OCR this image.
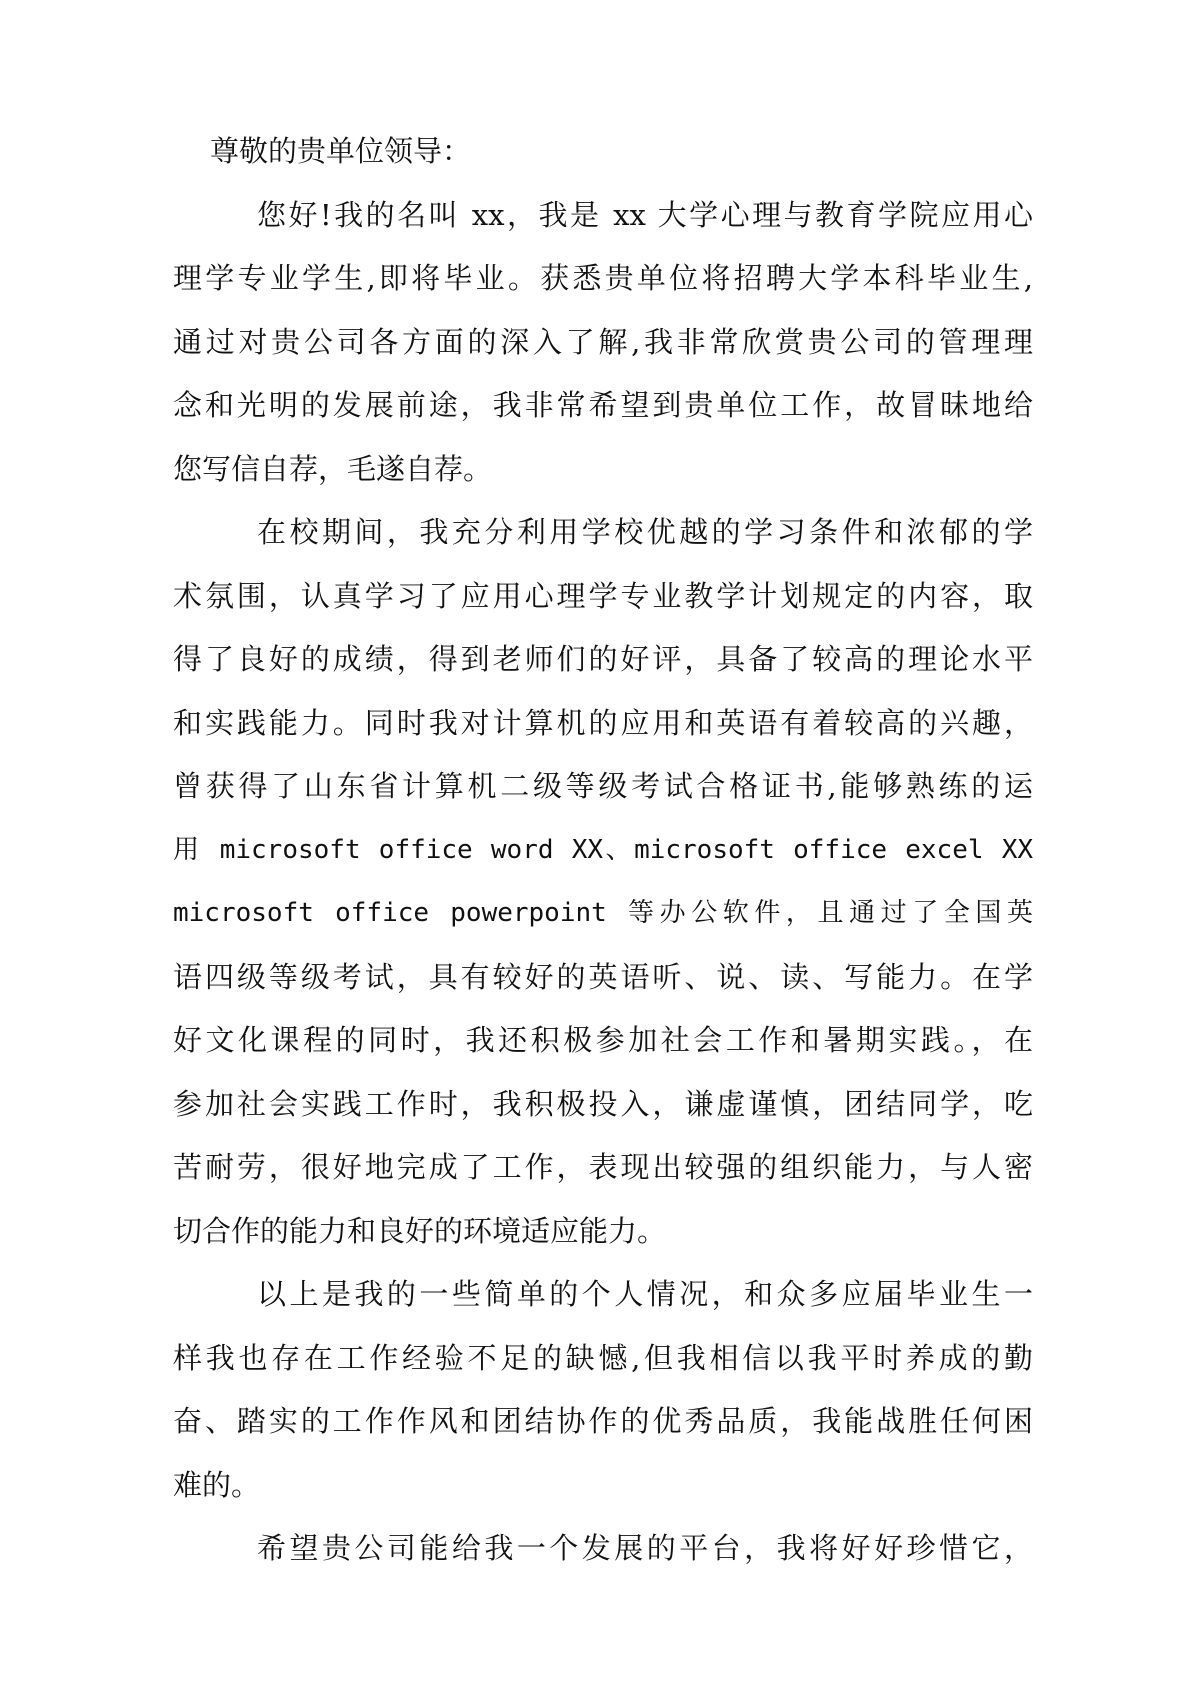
尊敬的贵单位领导：
您好!我的名叫 xx，我是 xx 大学心理与教育学院应用心
理学专业学生,即将毕业。获悉贵单位将招聘大学本科毕业生,
通过对贵公司各方面的深入了解,我非常欣赏贵公司的管理理
念和光明的发展前途，我非常希望到贵单位工作，故冒昧地给
您写信自荐，毛遂自荐。
在校期间，我充分利用学校优越的学习条件和浓郁的学
术氛围，认真学习了应用心理学专业教学计划规定的内容，取
得了良好的成绩，得到老师们的好评，具备了较高的理论水平
和实践能力。同时我对计算机的应用和英语有着较高的兴趣，
曾获得了山东省计算机二级等级考试合格证书,能够熟练的运
用 microsoft office word XX、microsoft office excel XX
microsoft office powerpoint 等办公软件，且通过了全国英
语四级等级考试，具有较好的英语听、说、读、写能力。在学
好文化课程的同时，我还积极参加社会工作和暑期实践。，在
参加社会实践工作时，我积极投入，谦虚谨慎，团结同学，吃
苦耐劳，很好地完成了工作，表现出较强的组织能力，与人密
切合作的能力和良好的环境适应能力。
以上是我的一些简单的个人情况，和众多应届毕业生一
样我也存在工作经验不足的缺憾,但我相信以我平时养成的勤
奋、踏实的工作作风和团结协作的优秀品质，我能战胜任何困
难的。
希望贵公司能给我一个发展的平台，我将好好珍惜它，
